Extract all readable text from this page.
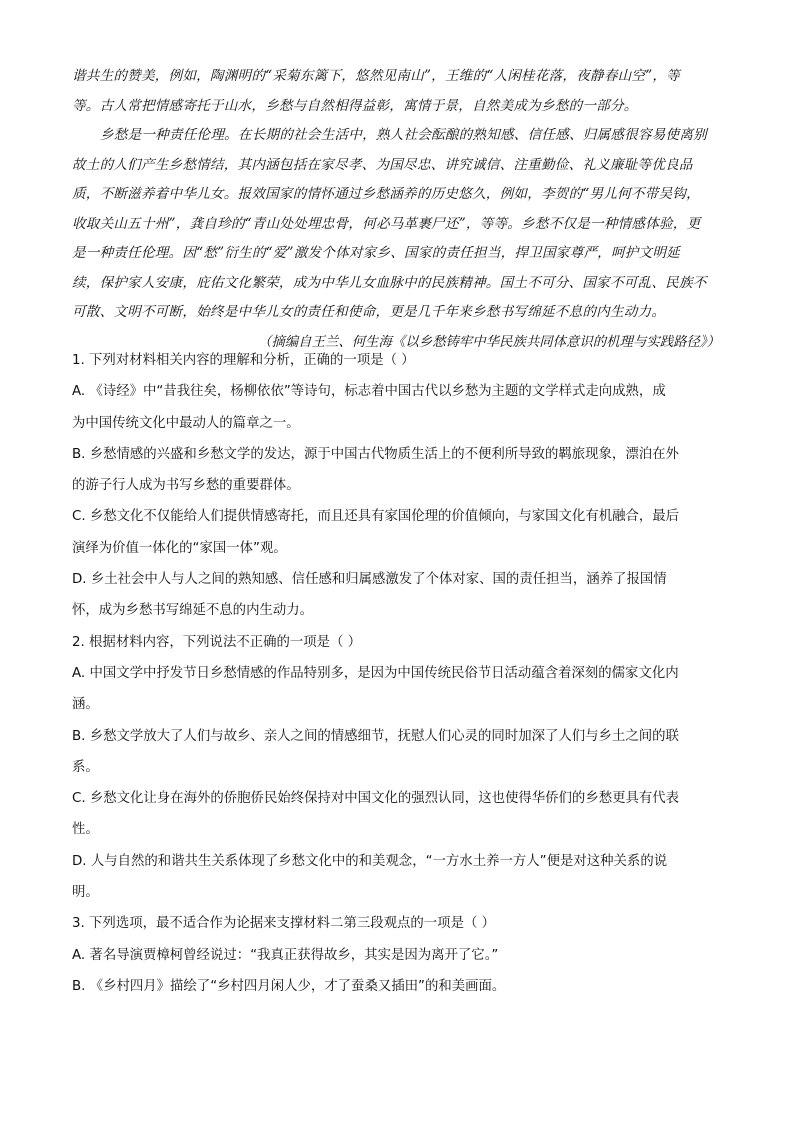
谐共生的赞美，例如，陶渊明的“采菊东篱下，悠然见南山”，王维的“人闲桂花落，夜静春山空”，等
等。古人常把情感寄托于山水，乡愁与自然相得益彰，寓情于景，自然美成为乡愁的一部分。
乡愁是一种责任伦理。在长期的社会生活中，熟人社会酝酿的熟知感、信任感、归属感很容易使离别
故土的人们产生乡愁情结，其内涵包括在家尽孝、为国尽忠、讲究诚信、注重勤俭、礼义廉耻等优良品
质，不断滋养着中华儿女。报效国家的情怀通过乡愁涵养的历史悠久，例如，李贺的“男儿何不带吴钩，
收取关山五十州”，龚自珍的“青山处处埋忠骨，何必马革裹尸还”，等等。乡愁不仅是一种情感体验，更
是一种责任伦理。因“愁”衍生的“爱”激发个体对家乡、国家的责任担当，捍卫国家尊严，呵护文明延
续，保护家人安康，庇佑文化繁荣，成为中华儿女血脉中的民族精神。国土不可分、国家不可乱、民族不
可散、文明不可断，始终是中华儿女的责任和使命，更是几千年来乡愁书写绵延不息的内生动力。
（摘编自王兰、何生海《以乡愁铸牢中华民族共同体意识的机理与实践路径》）
1. 下列对材料相关内容的理解和分析，正确的一项是（ ）
A. 《诗经》中“昔我往矣，杨柳依依”等诗句，标志着中国古代以乡愁为主题的文学样式走向成熟，成
为中国传统文化中最动人的篇章之一。
B. 乡愁情感的兴盛和乡愁文学的发达，源于中国古代物质生活上的不便利所导致的羁旅现象，漂泊在外
的游子行人成为书写乡愁的重要群体。
C. 乡愁文化不仅能给人们提供情感寄托，而且还具有家国伦理的价值倾向，与家国文化有机融合，最后
演绎为价值一体化的“家国一体”观。
D. 乡土社会中人与人之间的熟知感、信任感和归属感激发了个体对家、国的责任担当，涵养了报国情
怀，成为乡愁书写绵延不息的内生动力。
2. 根据材料内容，下列说法不正确的一项是（ ）
A. 中国文学中抒发节日乡愁情感的作品特别多，是因为中国传统民俗节日活动蕴含着深刻的儒家文化内
涵。
B. 乡愁文学放大了人们与故乡、亲人之间的情感细节，抚慰人们心灵的同时加深了人们与乡土之间的联
系。
C. 乡愁文化让身在海外的侨胞侨民始终保持对中国文化的强烈认同，这也使得华侨们的乡愁更具有代表
性。
D. 人与自然的和谐共生关系体现了乡愁文化中的和美观念，“一方水土养一方人”便是对这种关系的说
明。
3. 下列选项，最不适合作为论据来支撑材料二第三段观点的一项是（ ）
A. 著名导演贾樟柯曾经说过：“我真正获得故乡，其实是因为离开了它。”
B. 《乡村四月》描绘了“乡村四月闲人少，才了蚕桑又插田”的和美画面。
